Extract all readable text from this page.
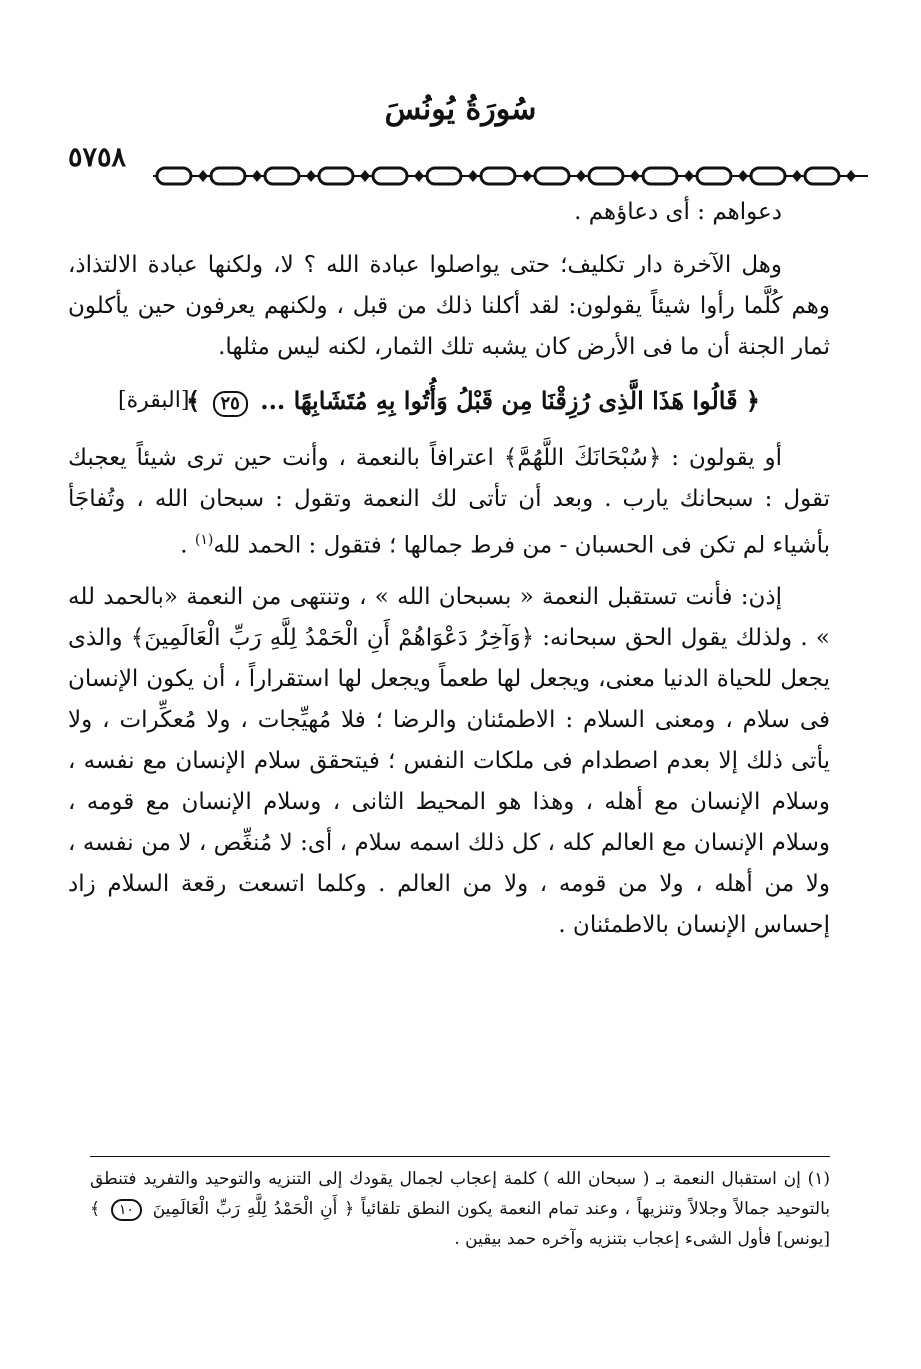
سُورَةُ يُونُسَ
٥٧٥٨

دعواهم : أى دعاؤهم .

وهل الآخرة دار تكليف؛ حتى يواصلوا عبادة الله ؟ لا، ولكنها عبادة الالتذاذ، وهم كُلَّما رأوا شيئاً يقولون: لقد أكلنا ذلك من قبل ، ولكنهم يعرفون حين يأكلون ثمار الجنة أن ما فى الأرض كان يشبه تلك الثمار، لكنه ليس مثلها.

﴿ قَالُوا هَذَا الَّذِى رُزِقْنَا مِن قَبْلُ وَأُتُوا بِهِ مُتَشَابِهًا ... ٢٥ ﴾
[البقرة]

أو يقولون : ﴿سُبْحَانَكَ اللَّهُمَّ﴾ اعترافاً بالنعمة ، وأنت حين ترى شيئاً يعجبك تقول : سبحانك يارب . وبعد أن تأتى لك النعمة وتقول : سبحان الله ، وتُفاجَأ بأشياء لم تكن فى الحسبان - من فرط جمالها ؛ فتقول : الحمد لله$^{(١)}$ .

إذن: فأنت تستقبل النعمة « بسبحان الله » ، وتنتهى من النعمة «بالحمد لله » . ولذلك يقول الحق سبحانه: ﴿وَآخِرُ دَعْوَاهُمْ أَنِ الْحَمْدُ لِلَّهِ رَبِّ الْعَالَمِينَ﴾ والذى يجعل للحياة الدنيا معنى، ويجعل لها طعماً ويجعل لها استقراراً ، أن يكون الإنسان فى سلام ، ومعنى السلام : الاطمئنان والرضا ؛ فلا مُهيِّجات ، ولا مُعكِّرات ، ولا يأتى ذلك إلا بعدم اصطدام فى ملكات النفس ؛ فيتحقق سلام الإنسان مع نفسه ، وسلام الإنسان مع أهله ، وهذا هو المحيط الثانى ، وسلام الإنسان مع قومه ، وسلام الإنسان مع العالم كله ، كل ذلك اسمه سلام ، أى: لا مُنغِّص ، لا من نفسه ، ولا من أهله ، ولا من قومه ، ولا من العالم . وكلما اتسعت رقعة السلام زاد إحساس الإنسان بالاطمئنان .

(١) إن استقبال النعمة بـ ( سبحان الله ) كلمة إعجاب لجمال يقودك إلى التنزيه والتوحيد والتفريد فتنطق بالتوحيد جمالاً وجلالاً وتنزيهاً ، وعند تمام النعمة يكون النطق تلقائياً ﴿ أَنِ الْحَمْدُ لِلَّهِ رَبِّ الْعَالَمِينَ ١٠ ﴾ [يونس] فأول الشىء إعجاب بتنزيه وآخره حمد بيقين .
